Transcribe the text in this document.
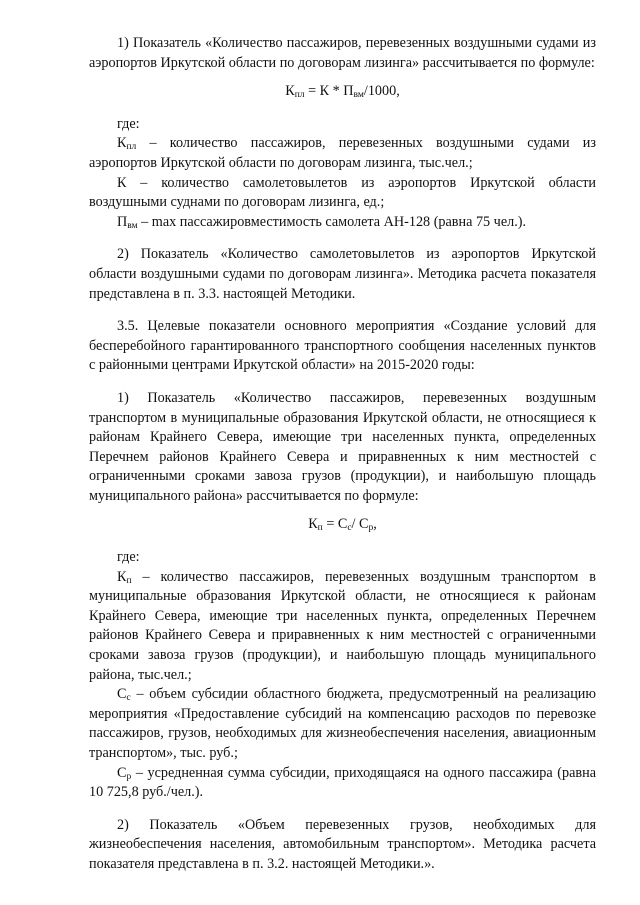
1) Показатель «Количество пассажиров, перевезенных воздушными судами из аэропортов Иркутской области по договорам лизинга» рассчитывается по формуле:

$К_{пл} = К * П_{вм}/1000$,

где:

$К_{пл}$ – количество пассажиров, перевезенных воздушными судами из аэропортов Иркутской области по договорам лизинга, тыс.чел.;

К – количество самолетовылетов из аэропортов Иркутской области воздушными суднами по договорам лизинга, ед.;

$П_{вм}$ – max пассажировместимость самолета АН-128 (равна 75 чел.).

2) Показатель «Количество самолетовылетов из аэропортов Иркутской области воздушными судами по договорам лизинга». Методика расчета показателя представлена в п. 3.3. настоящей Методики.

3.5. Целевые показатели основного мероприятия «Создание условий для бесперебойного гарантированного транспортного сообщения населенных пунктов с районными центрами Иркутской области» на 2015-2020 годы:

1) Показатель «Количество пассажиров, перевезенных воздушным транспортом в муниципальные образования Иркутской области, не относящиеся к районам Крайнего Севера, имеющие три населенных пункта, определенных Перечнем районов Крайнего Севера и приравненных к ним местностей с ограниченными сроками завоза грузов (продукции), и наибольшую площадь муниципального района» рассчитывается по формуле:

$К_п = С_с/$ $С_р$,

где:

$К_п$ – количество пассажиров, перевезенных воздушным транспортом в муниципальные образования Иркутской области, не относящиеся к районам Крайнего Севера, имеющие три населенных пункта, определенных Перечнем районов Крайнего Севера и приравненных к ним местностей с ограниченными сроками завоза грузов (продукции), и наибольшую площадь муниципального района, тыс.чел.;

$С_с$ – объем субсидии областного бюджета, предусмотренный на реализацию мероприятия «Предоставление субсидий на компенсацию расходов по перевозке пассажиров, грузов, необходимых для жизнеобеспечения населения, авиационным транспортом», тыс. руб.;

$С_р$ – усредненная сумма субсидии, приходящаяся на одного пассажира (равна 10 725,8 руб./чел.).

2) Показатель «Объем перевезенных грузов, необходимых для жизнеобеспечения населения, автомобильным транспортом». Методика расчета показателя представлена в п. 3.2. настоящей Методики.».
